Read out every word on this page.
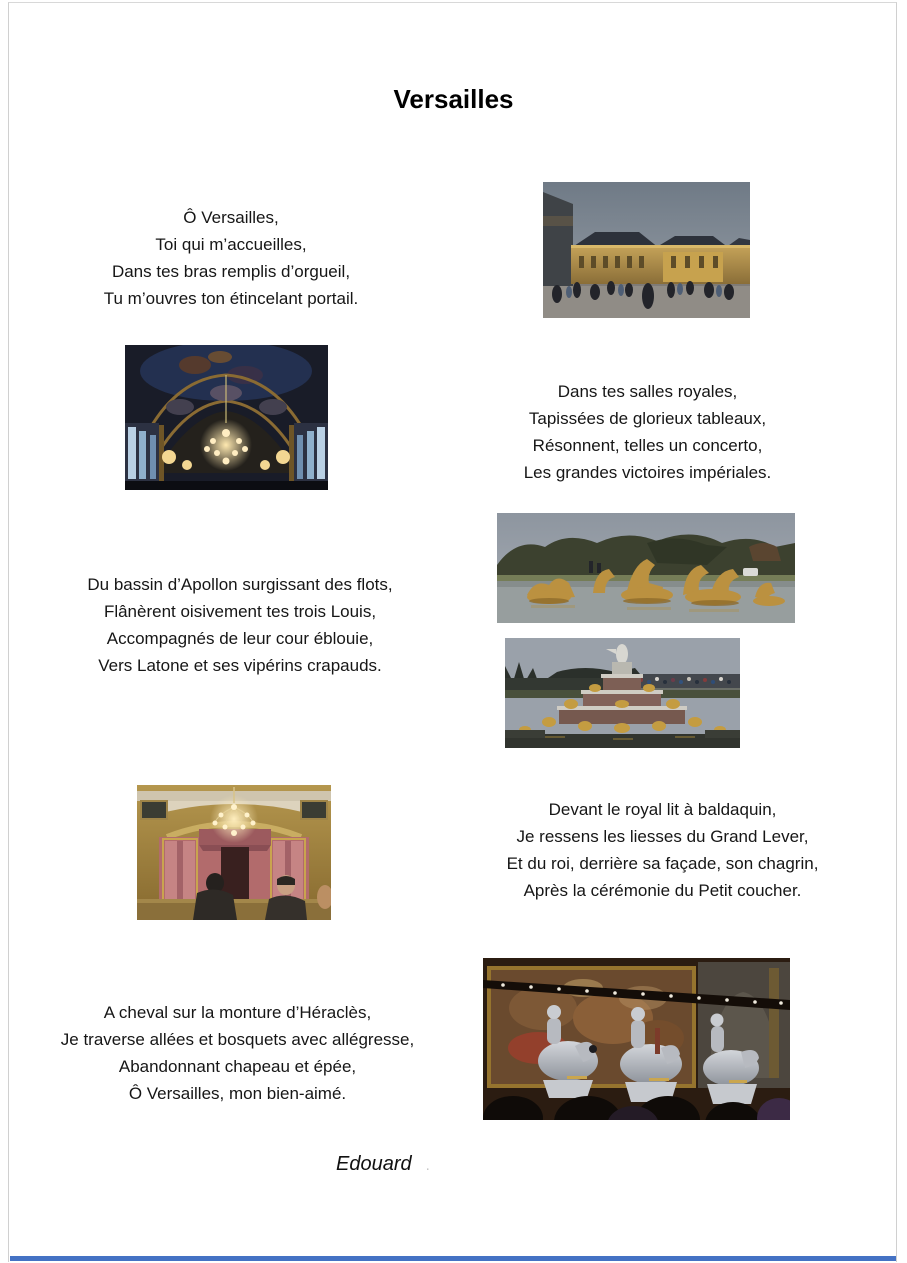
Versailles
Ô Versailles,
Toi qui m’accueilles,
Dans tes bras remplis d’orgueil,
Tu m’ouvres ton étincelant portail.
Dans tes salles royales,
Tapissées de glorieux tableaux,
Résonnent, telles un concerto,
Les grandes victoires impériales.
Du bassin d’Apollon surgissant des flots,
Flânèrent oisivement tes trois Louis,
Accompagnés de leur cour éblouie,
Vers Latone et ses vipérins crapauds.
Devant le royal lit à baldaquin,
Je ressens les liesses du Grand Lever,
Et du roi, derrière sa façade, son chagrin,
Après la cérémonie du Petit coucher.
A cheval sur la monture d’Héraclès,
Je traverse allées et bosquets avec allégresse,
Abandonnant chapeau et épée,
Ô Versailles, mon bien-aimé.
Edouard .
